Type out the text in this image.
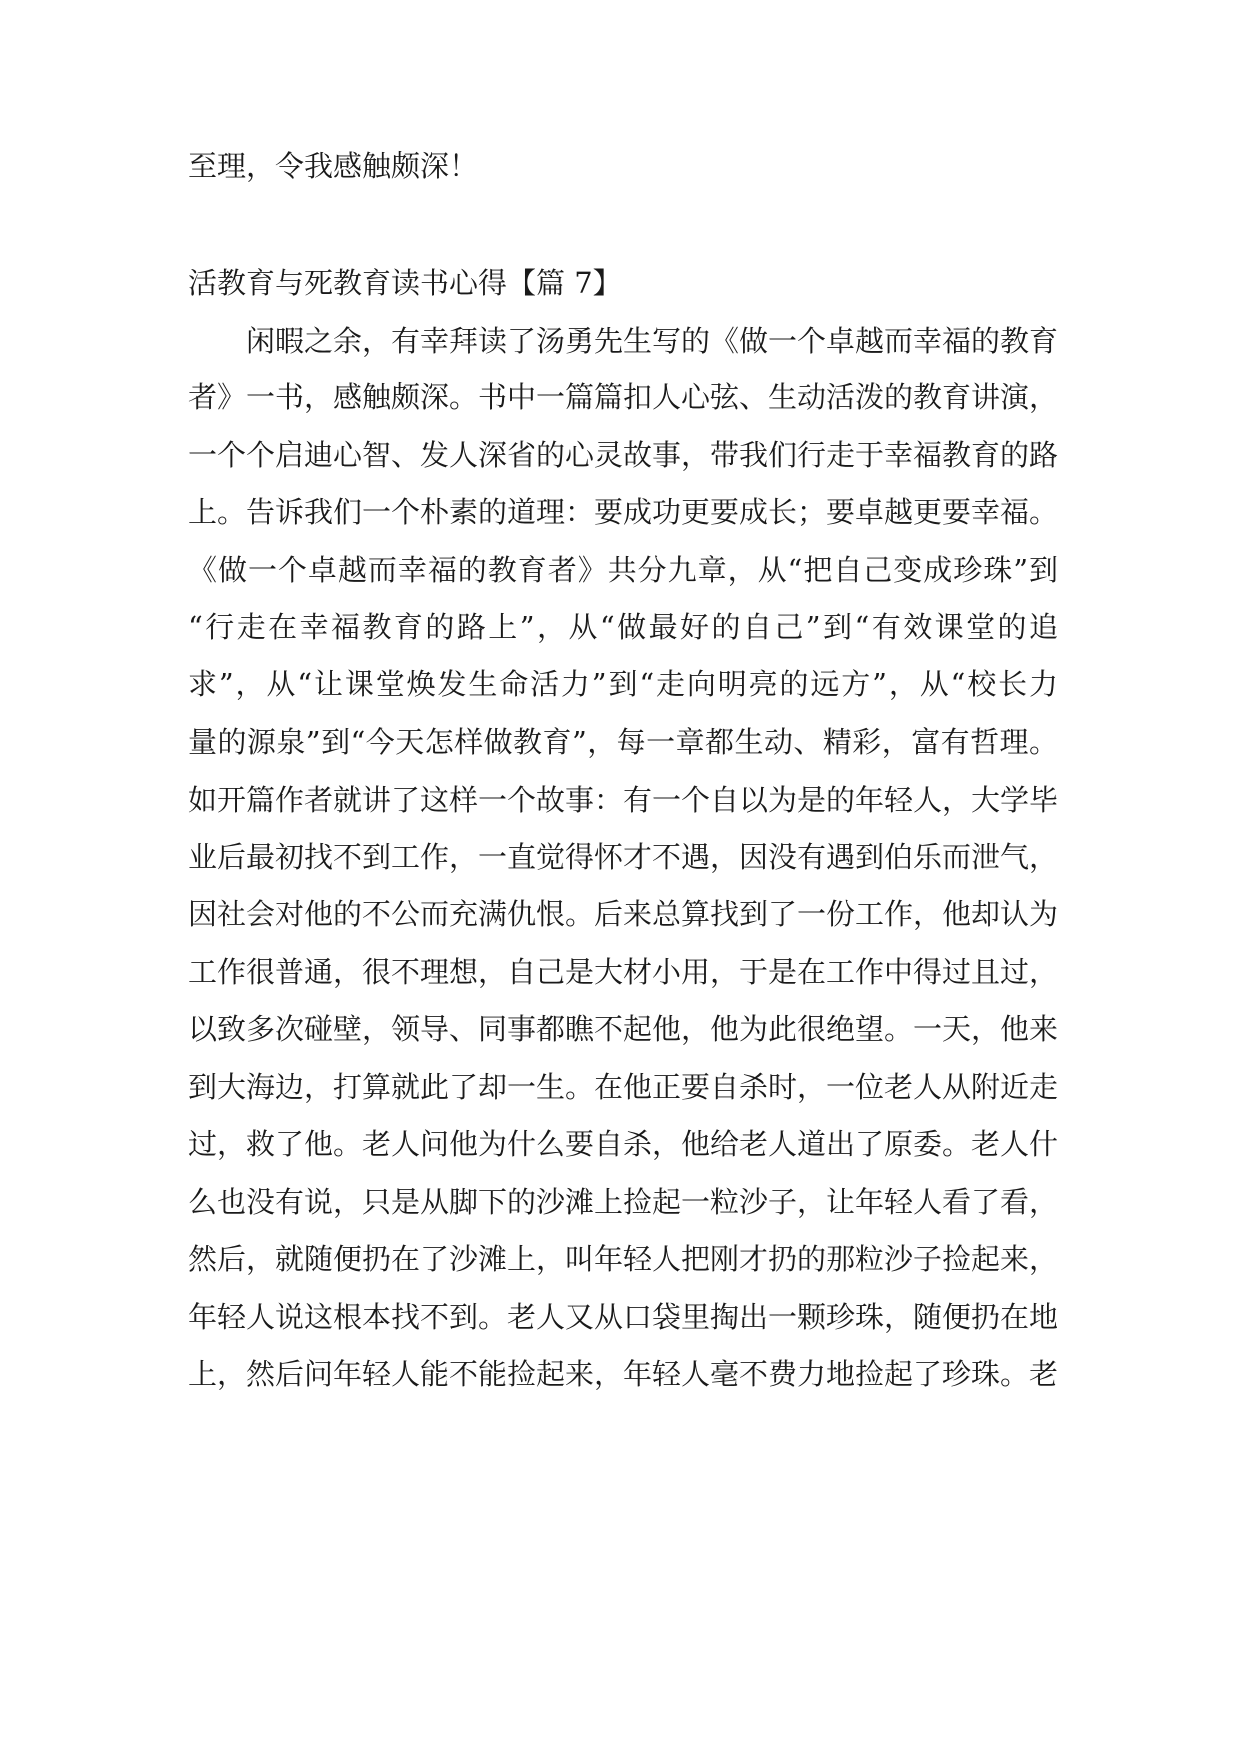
至理，令我感触颇深！
活教育与死教育读书心得【篇 7】
闲暇之余，有幸拜读了汤勇先生写的《做一个卓越而幸福的教育
者》一书，感触颇深。书中一篇篇扣人心弦、生动活泼的教育讲演，
一个个启迪心智、发人深省的心灵故事，带我们行走于幸福教育的路
上。告诉我们一个朴素的道理：要成功更要成长；要卓越更要幸福。
《做一个卓越而幸福的教育者》共分九章，从“把自己变成珍珠”到
“行走在幸福教育的路上”，从“做最好的自己”到“有效课堂的追
求”，从“让课堂焕发生命活力”到“走向明亮的远方”，从“校长力
量的源泉”到“今天怎样做教育”，每一章都生动、精彩，富有哲理。
如开篇作者就讲了这样一个故事：有一个自以为是的年轻人，大学毕
业后最初找不到工作，一直觉得怀才不遇，因没有遇到伯乐而泄气，
因社会对他的不公而充满仇恨。后来总算找到了一份工作，他却认为
工作很普通，很不理想，自己是大材小用，于是在工作中得过且过，
以致多次碰壁，领导、同事都瞧不起他，他为此很绝望。一天，他来
到大海边，打算就此了却一生。在他正要自杀时，一位老人从附近走
过，救了他。老人问他为什么要自杀，他给老人道出了原委。老人什
么也没有说，只是从脚下的沙滩上捡起一粒沙子，让年轻人看了看，
然后，就随便扔在了沙滩上，叫年轻人把刚才扔的那粒沙子捡起来，
年轻人说这根本找不到。老人又从口袋里掏出一颗珍珠，随便扔在地
上，然后问年轻人能不能捡起来，年轻人毫不费力地捡起了珍珠。老
